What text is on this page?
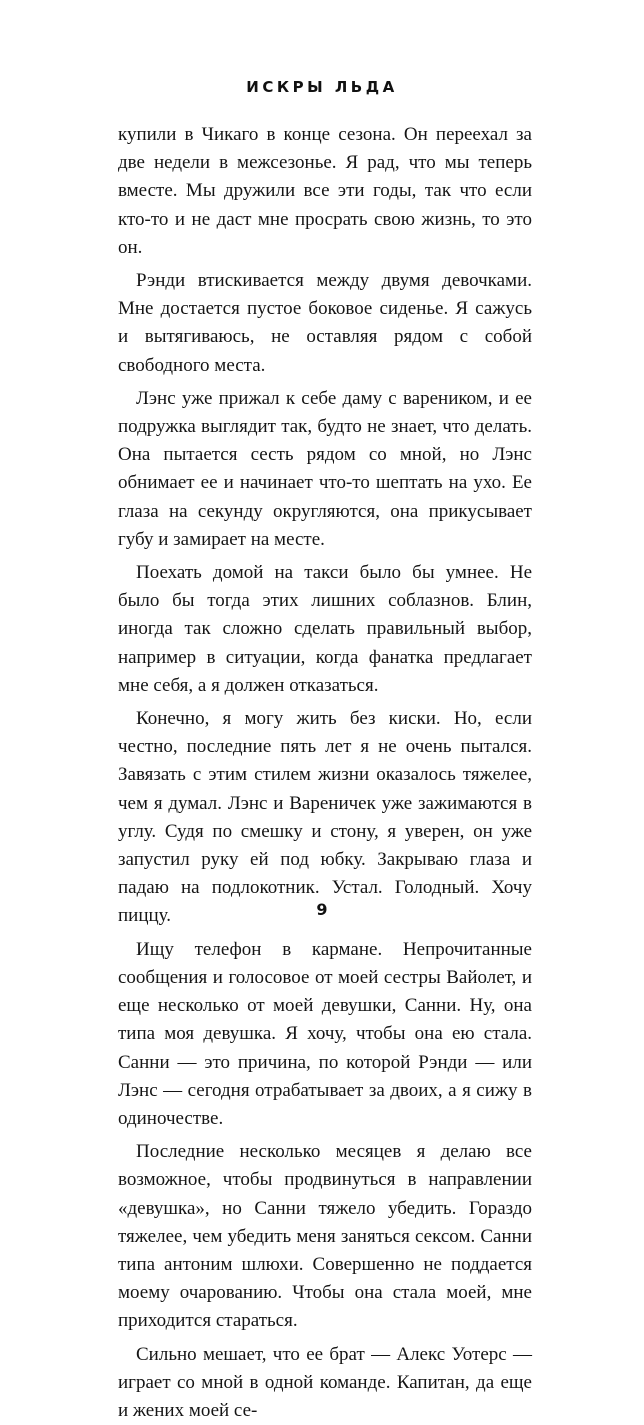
ИСКРЫ ЛЬДА

купили в Чикаго в конце сезона. Он переехал за две недели в межсезонье. Я рад, что мы теперь вместе. Мы дружили все эти годы, так что если кто-то и не даст мне просрать свою жизнь, то это он.

Рэнди втискивается между двумя девочками. Мне достается пустое боковое сиденье. Я сажусь и вытягиваюсь, не оставляя рядом с собой свободного места.

Лэнс уже прижал к себе даму с вареником, и ее подружка выглядит так, будто не знает, что делать. Она пытается сесть рядом со мной, но Лэнс обнимает ее и начинает что-то шептать на ухо. Ее глаза на секунду округляются, она прикусывает губу и замирает на месте.

Поехать домой на такси было бы умнее. Не было бы тогда этих лишних соблазнов. Блин, иногда так сложно сделать правильный выбор, например в ситуации, когда фанатка предлагает мне себя, а я должен отказаться.

Конечно, я могу жить без киски. Но, если честно, последние пять лет я не очень пытался. Завязать с этим стилем жизни оказалось тяжелее, чем я думал. Лэнс и Вареничек уже зажимаются в углу. Судя по смешку и стону, я уверен, он уже запустил руку ей под юбку. Закрываю глаза и падаю на подлокотник. Устал. Голодный. Хочу пиццу.

Ищу телефон в кармане. Непрочитанные сообщения и голосовое от моей сестры Вайолет, и еще несколько от моей девушки, Санни. Ну, она типа моя девушка. Я хочу, чтобы она ею стала. Санни — это причина, по которой Рэнди — или Лэнс — сегодня отрабатывает за двоих, а я сижу в одиночестве.

Последние несколько месяцев я делаю все возможное, чтобы продвинуться в направлении «девушка», но Санни тяжело убедить. Гораздо тяжелее, чем убедить меня заняться сексом. Санни типа антоним шлюхи. Совершенно не поддается моему очарованию. Чтобы она стала моей, мне приходится стараться.

Сильно мешает, что ее брат — Алекс Уотерс — играет со мной в одной команде. Капитан, да еще и жених моей се-

9
